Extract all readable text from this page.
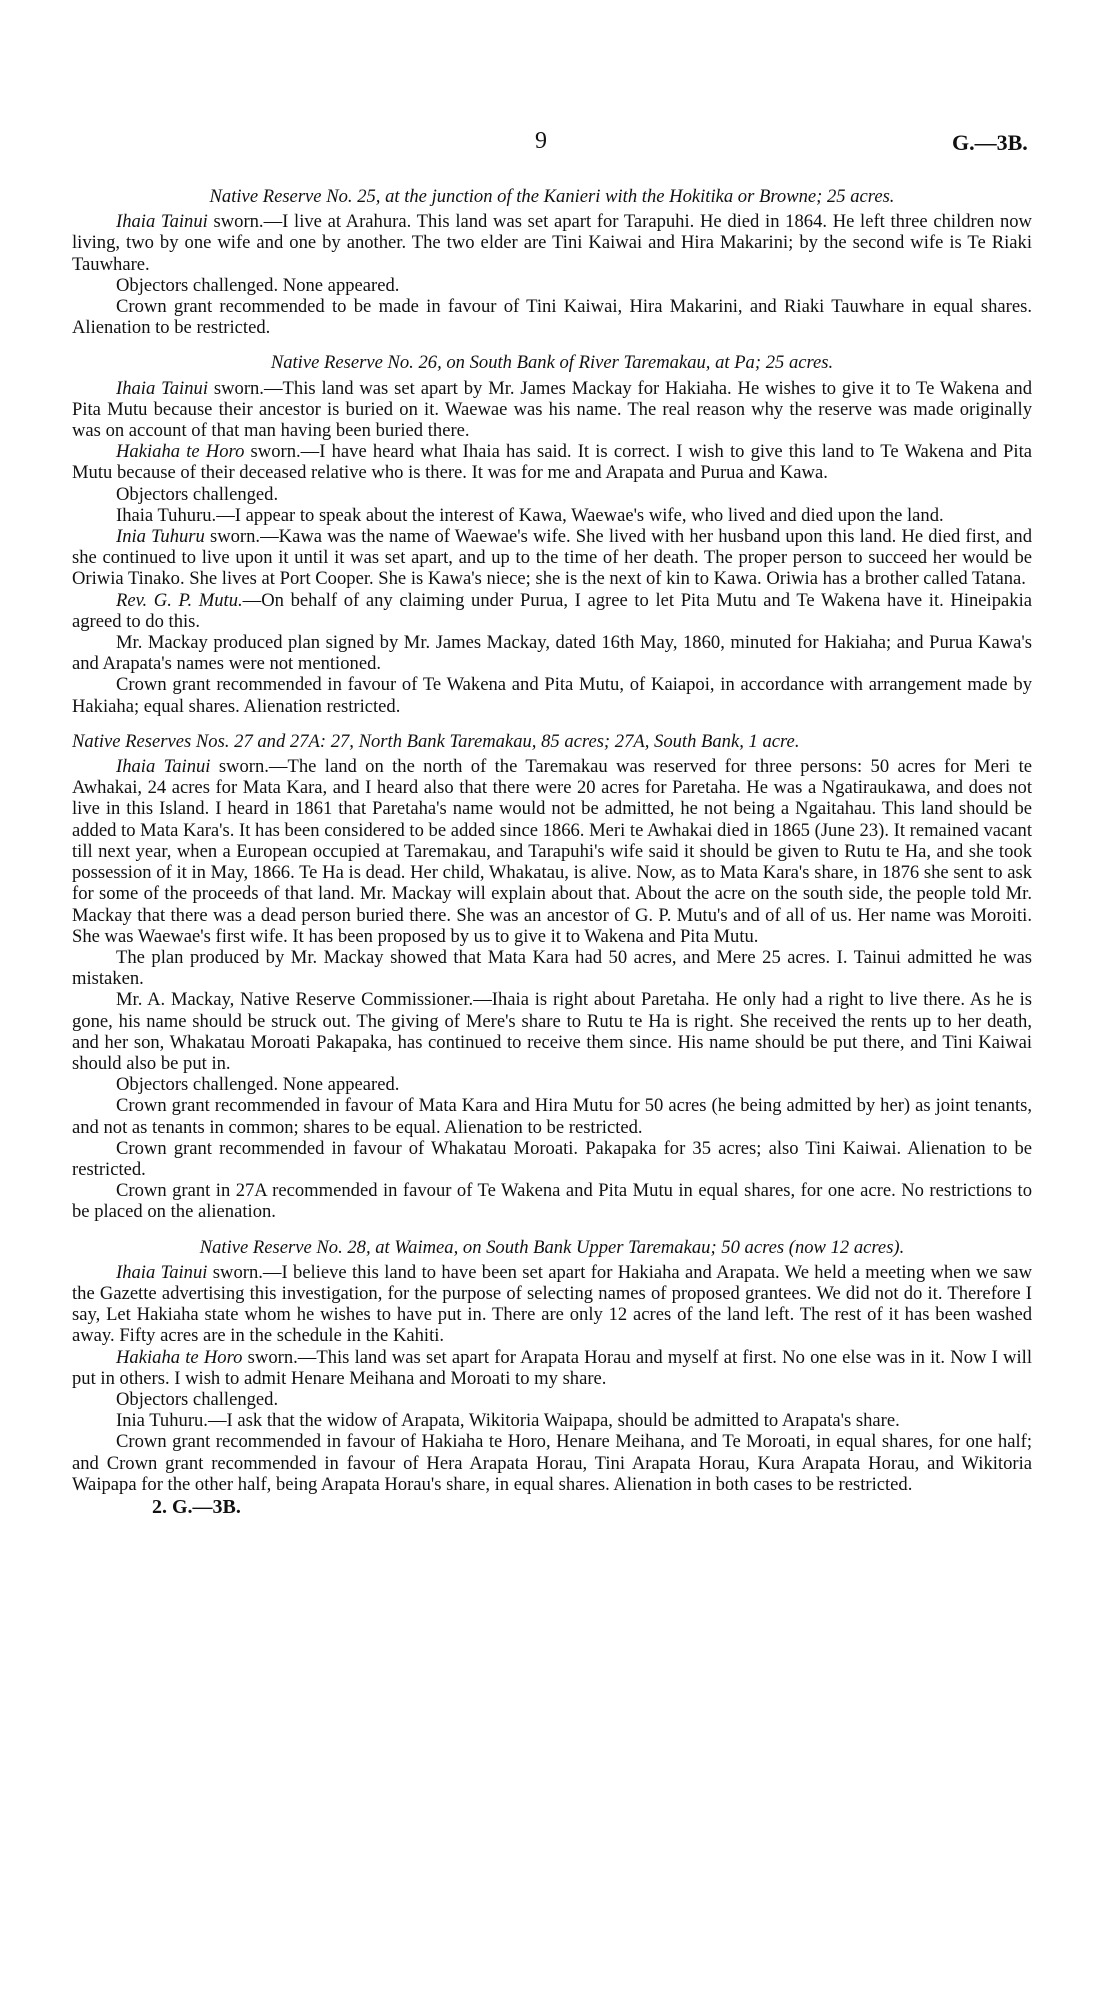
9	G.—3B.
Native Reserve No. 25, at the junction of the Kanieri with the Hokitika or Browne; 25 acres.

Ihaia Tainui sworn.—I live at Arahura. This land was set apart for Tarapuhi. He died in 1864. He left three children now living, two by one wife and one by another. The two elder are Tini Kaiwai and Hira Makarini; by the second wife is Te Riaki Tauwhare.

Objectors challenged. None appeared.

Crown grant recommended to be made in favour of Tini Kaiwai, Hira Makarini, and Riaki Tauwhare in equal shares. Alienation to be restricted.

Native Reserve No. 26, on South Bank of River Taremakau, at Pa; 25 acres.

Ihaia Tainui sworn.—This land was set apart by Mr. James Mackay for Hakiaha. He wishes to give it to Te Wakena and Pita Mutu because their ancestor is buried on it. Waewae was his name. The real reason why the reserve was made originally was on account of that man having been buried there.

Hakiaha te Horo sworn.—I have heard what Ihaia has said. It is correct. I wish to give this land to Te Wakena and Pita Mutu because of their deceased relative who is there. It was for me and Arapata and Purua and Kawa.

Objectors challenged.

Ihaia Tuhuru.—I appear to speak about the interest of Kawa, Waewae's wife, who lived and died upon the land.

Inia Tuhuru sworn.—Kawa was the name of Waewae's wife. She lived with her husband upon this land. He died first, and she continued to live upon it until it was set apart, and up to the time of her death. The proper person to succeed her would be Oriwia Tinako. She lives at Port Cooper. She is Kawa's niece; she is the next of kin to Kawa. Oriwia has a brother called Tatana.

Rev. G. P. Mutu.—On behalf of any claiming under Purua, I agree to let Pita Mutu and Te Wakena have it. Hineipakia agreed to do this.

Mr. Mackay produced plan signed by Mr. James Mackay, dated 16th May, 1860, minuted for Hakiaha; and Purua Kawa's and Arapata's names were not mentioned.

Crown grant recommended in favour of Te Wakena and Pita Mutu, of Kaiapoi, in accordance with arrangement made by Hakiaha; equal shares. Alienation restricted.

Native Reserves Nos. 27 and 27A: 27, North Bank Taremakau, 85 acres; 27A, South Bank, 1 acre.

Ihaia Tainui sworn.—The land on the north of the Taremakau was reserved for three persons: 50 acres for Meri te Awhakai, 24 acres for Mata Kara, and I heard also that there were 20 acres for Paretaha. He was a Ngatiraukawa, and does not live in this Island. I heard in 1861 that Paretaha's name would not be admitted, he not being a Ngaitahau. This land should be added to Mata Kara's. It has been considered to be added since 1866. Meri te Awhakai died in 1865 (June 23). It remained vacant till next year, when a European occupied at Taremakau, and Tarapuhi's wife said it should be given to Rutu te Ha, and she took possession of it in May, 1866. Te Ha is dead. Her child, Whakatau, is alive. Now, as to Mata Kara's share, in 1876 she sent to ask for some of the proceeds of that land. Mr. Mackay will explain about that. About the acre on the south side, the people told Mr. Mackay that there was a dead person buried there. She was an ancestor of G. P. Mutu's and of all of us. Her name was Moroiti. She was Waewae's first wife. It has been proposed by us to give it to Wakena and Pita Mutu.

The plan produced by Mr. Mackay showed that Mata Kara had 50 acres, and Mere 25 acres. I. Tainui admitted he was mistaken.

Mr. A. Mackay, Native Reserve Commissioner.—Ihaia is right about Paretaha. He only had a right to live there. As he is gone, his name should be struck out. The giving of Mere's share to Rutu te Ha is right. She received the rents up to her death, and her son, Whakatau Moroati Pakapaka, has continued to receive them since. His name should be put there, and Tini Kaiwai should also be put in.

Objectors challenged. None appeared.

Crown grant recommended in favour of Mata Kara and Hira Mutu for 50 acres (he being admitted by her) as joint tenants, and not as tenants in common; shares to be equal. Alienation to be restricted.

Crown grant recommended in favour of Whakatau Moroati. Pakapaka for 35 acres; also Tini Kaiwai. Alienation to be restricted.

Crown grant in 27A recommended in favour of Te Wakena and Pita Mutu in equal shares, for one acre. No restrictions to be placed on the alienation.

Native Reserve No. 28, at Waimea, on South Bank Upper Taremakau; 50 acres (now 12 acres).

Ihaia Tainui sworn.—I believe this land to have been set apart for Hakiaha and Arapata. We held a meeting when we saw the Gazette advertising this investigation, for the purpose of selecting names of proposed grantees. We did not do it. Therefore I say, Let Hakiaha state whom he wishes to have put in. There are only 12 acres of the land left. The rest of it has been washed away. Fifty acres are in the schedule in the Kahiti.

Hakiaha te Horo sworn.—This land was set apart for Arapata Horau and myself at first. No one else was in it. Now I will put in others. I wish to admit Henare Meihana and Moroati to my share.

Objectors challenged.

Inia Tuhuru.—I ask that the widow of Arapata, Wikitoria Waipapa, should be admitted to Arapata's share.

Crown grant recommended in favour of Hakiaha te Horo, Henare Meihana, and Te Moroati, in equal shares, for one half; and Crown grant recommended in favour of Hera Arapata Horau, Tini Arapata Horau, Kura Arapata Horau, and Wikitoria Waipapa for the other half, being Arapata Horau's share, in equal shares. Alienation in both cases to be restricted.

2. G.—3B.
